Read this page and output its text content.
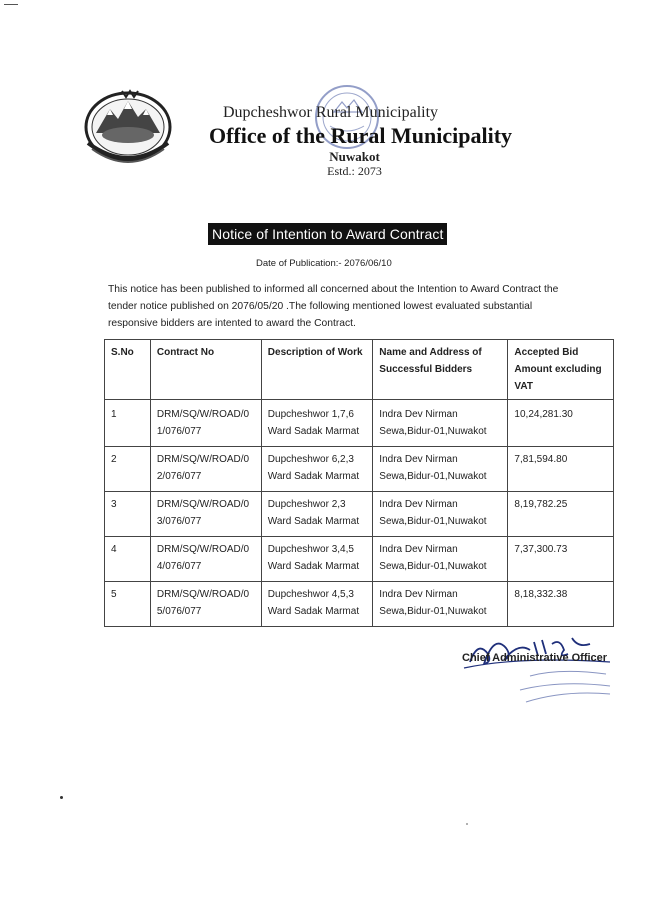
Dupcheshwor Rural Municipality
Office of the Rural Municipality
Nuwakot
Estd.: 2073
Notice of Intention to Award Contract
Date of Publication:- 2076/06/10
This notice has been published to informed all concerned about the Intention to Award Contract the tender notice published on 2076/05/20 .The following mentioned lowest evaluated substantial responsive bidders are intented to award the Contract.
S.No	Contract No	Description of Work	Name and Address of Successful Bidders	Accepted Bid Amount excluding VAT
1	DRM/SQ/W/ROAD/0 1/076/077	Dupcheshwor 1,7,6 Ward Sadak Marmat	Indra Dev Nirman Sewa,Bidur-01,Nuwakot	10,24,281.30
2	DRM/SQ/W/ROAD/0 2/076/077	Dupcheshwor 6,2,3 Ward Sadak Marmat	Indra Dev Nirman Sewa,Bidur-01,Nuwakot	7,81,594.80
3	DRM/SQ/W/ROAD/0 3/076/077	Dupcheshwor 2,3 Ward Sadak Marmat	Indra Dev Nirman Sewa,Bidur-01,Nuwakot	8,19,782.25
4	DRM/SQ/W/ROAD/0 4/076/077	Dupcheshwor 3,4,5 Ward Sadak Marmat	Indra Dev Nirman Sewa,Bidur-01,Nuwakot	7,37,300.73
5	DRM/SQ/W/ROAD/0 5/076/077	Dupcheshwor 4,5,3 Ward Sadak Marmat	Indra Dev Nirman Sewa,Bidur-01,Nuwakot	8,18,332.38
Chief Administrative Officer
